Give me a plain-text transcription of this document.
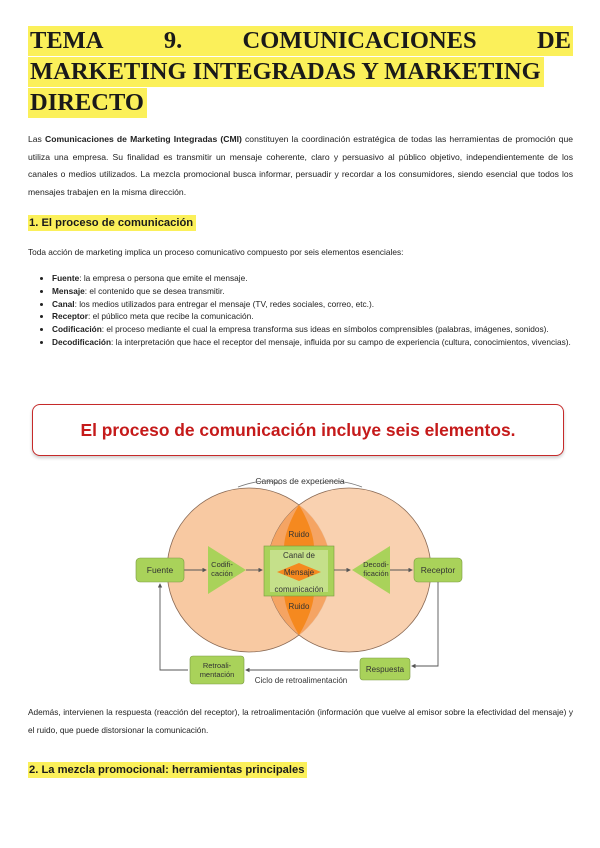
TEMA 9. COMUNICACIONES DE
MARKETING INTEGRADAS Y MARKETING
DIRECTO

Las Comunicaciones de Marketing Integradas (CMI) constituyen la coordinación estratégica de todas las herramientas de promoción que utiliza una empresa. Su finalidad es transmitir un mensaje coherente, claro y persuasivo al público objetivo, independientemente de los canales o medios utilizados. La mezcla promocional busca informar, persuadir y recordar a los consumidores, siendo esencial que todos los mensajes trabajen en la misma dirección.

1. El proceso de comunicación

Toda acción de marketing implica un proceso comunicativo compuesto por seis elementos esenciales:

• Fuente: la empresa o persona que emite el mensaje.
• Mensaje: el contenido que se desea transmitir.
• Canal: los medios utilizados para entregar el mensaje (TV, redes sociales, correo, etc.).
• Receptor: el público meta que recibe la comunicación.
• Codificación: el proceso mediante el cual la empresa transforma sus ideas en símbolos comprensibles (palabras, imágenes, sonidos).
• Decodificación: la interpretación que hace el receptor del mensaje, influida por su campo de experiencia (cultura, conocimientos, vivencias).
El proceso de comunicación incluye seis elementos.
Campos de experiencia
Ruido
Ruido
Canal de
Mensaje
comunicación
Codifi-
cación
Decodi-
ficación
Fuente	Receptor
Respuesta
Retroali-
mentación
Ciclo de retroalimentación

Además, intervienen la respuesta (reacción del receptor), la retroalimentación (información que vuelve al emisor sobre la efectividad del mensaje) y el ruido, que puede distorsionar la comunicación.

2. La mezcla promocional: herramientas principales
